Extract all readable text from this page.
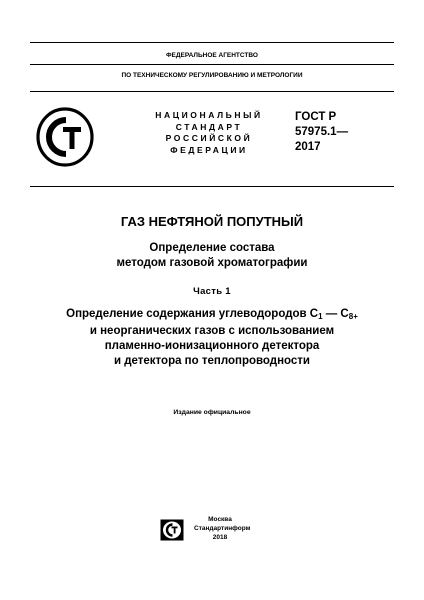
ФЕДЕРАЛЬНОЕ АГЕНТСТВО
ПО ТЕХНИЧЕСКОМУ РЕГУЛИРОВАНИЮ И МЕТРОЛОГИИ
НАЦИОНАЛЬНЫЙ
СТАНДАРТ
РОССИЙСКОЙ
ФЕДЕРАЦИИ
ГОСТ Р
57975.1—
2017
ГАЗ НЕФТЯНОЙ ПОПУТНЫЙ
Определение состава
методом газовой хроматографии
Часть 1
Определение содержания углеводородов $С_1$ — $С_{8+}$
и неорганических газов с использованием
пламенно-ионизационного детектора
и детектора по теплопроводности
Издание официальное
Москва
Стандартинформ
2018
